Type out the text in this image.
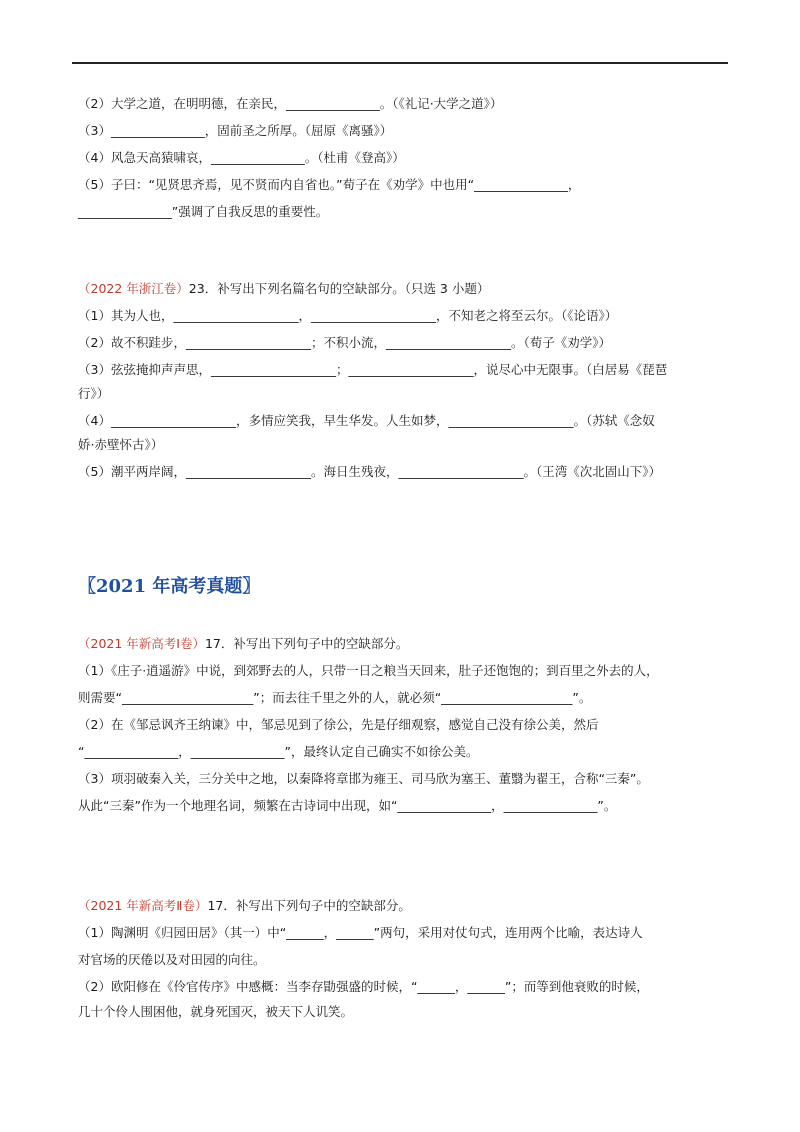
（2）大学之道，在明明德，在亲民，_______________。（《礼记·大学之道》）
（3）_______________，固前圣之所厚。（屈原《离骚》）
（4）风急天高猿啸哀，_______________。（杜甫《登高》）
（5）子曰：“见贤思齐焉，见不贤而内自省也。”荀子在《劝学》中也用“_______________，
_______________”强调了自我反思的重要性。
（2022 年浙江卷）23．补写出下列名篇名句的空缺部分。（只选 3 小题）
（1）其为人也，____________________，____________________，不知老之将至云尔。（《论语》）
（2）故不积跬步，____________________；不积小流，____________________。（荀子《劝学》）
（3）弦弦掩抑声声思，____________________；____________________，说尽心中无限事。（白居易《琵琶
行》）
（4）____________________，多情应笑我，早生华发。人生如梦，____________________。（苏轼《念奴
娇·赤壁怀古》）
（5）潮平两岸阔，____________________。海日生残夜，____________________。（王湾《次北固山下》）
〖2021 年高考真题〗
（2021 年新高考Ⅰ卷）17．补写出下列句子中的空缺部分。
（1）《庄子·逍遥游》中说，到郊野去的人，只带一日之粮当天回来，肚子还饱饱的；到百里之外去的人，
则需要“_____________________”；而去往千里之外的人，就必须“_____________________”。
（2）在《邹忌讽齐王纳谏》中，邹忌见到了徐公，先是仔细观察，感觉自己没有徐公美，然后
“_______________，_______________”，最终认定自己确实不如徐公美。
（3）项羽破秦入关，三分关中之地，以秦降将章邯为雍王、司马欣为塞王、董翳为翟王，合称“三秦”。
从此“三秦”作为一个地理名词，频繁在古诗词中出现，如“_______________，_______________”。
（2021 年新高考Ⅱ卷）17．补写出下列句子中的空缺部分。
（1）陶渊明《归园田居》（其一）中“______，______”两句，采用对仗句式，连用两个比喻，表达诗人
对官场的厌倦以及对田园的向往。
（2）欧阳修在《伶官传序》中感概：当李存勖强盛的时候，“______，______”；而等到他衰败的时候，
几十个伶人围困他，就身死国灭，被天下人讥笑。
